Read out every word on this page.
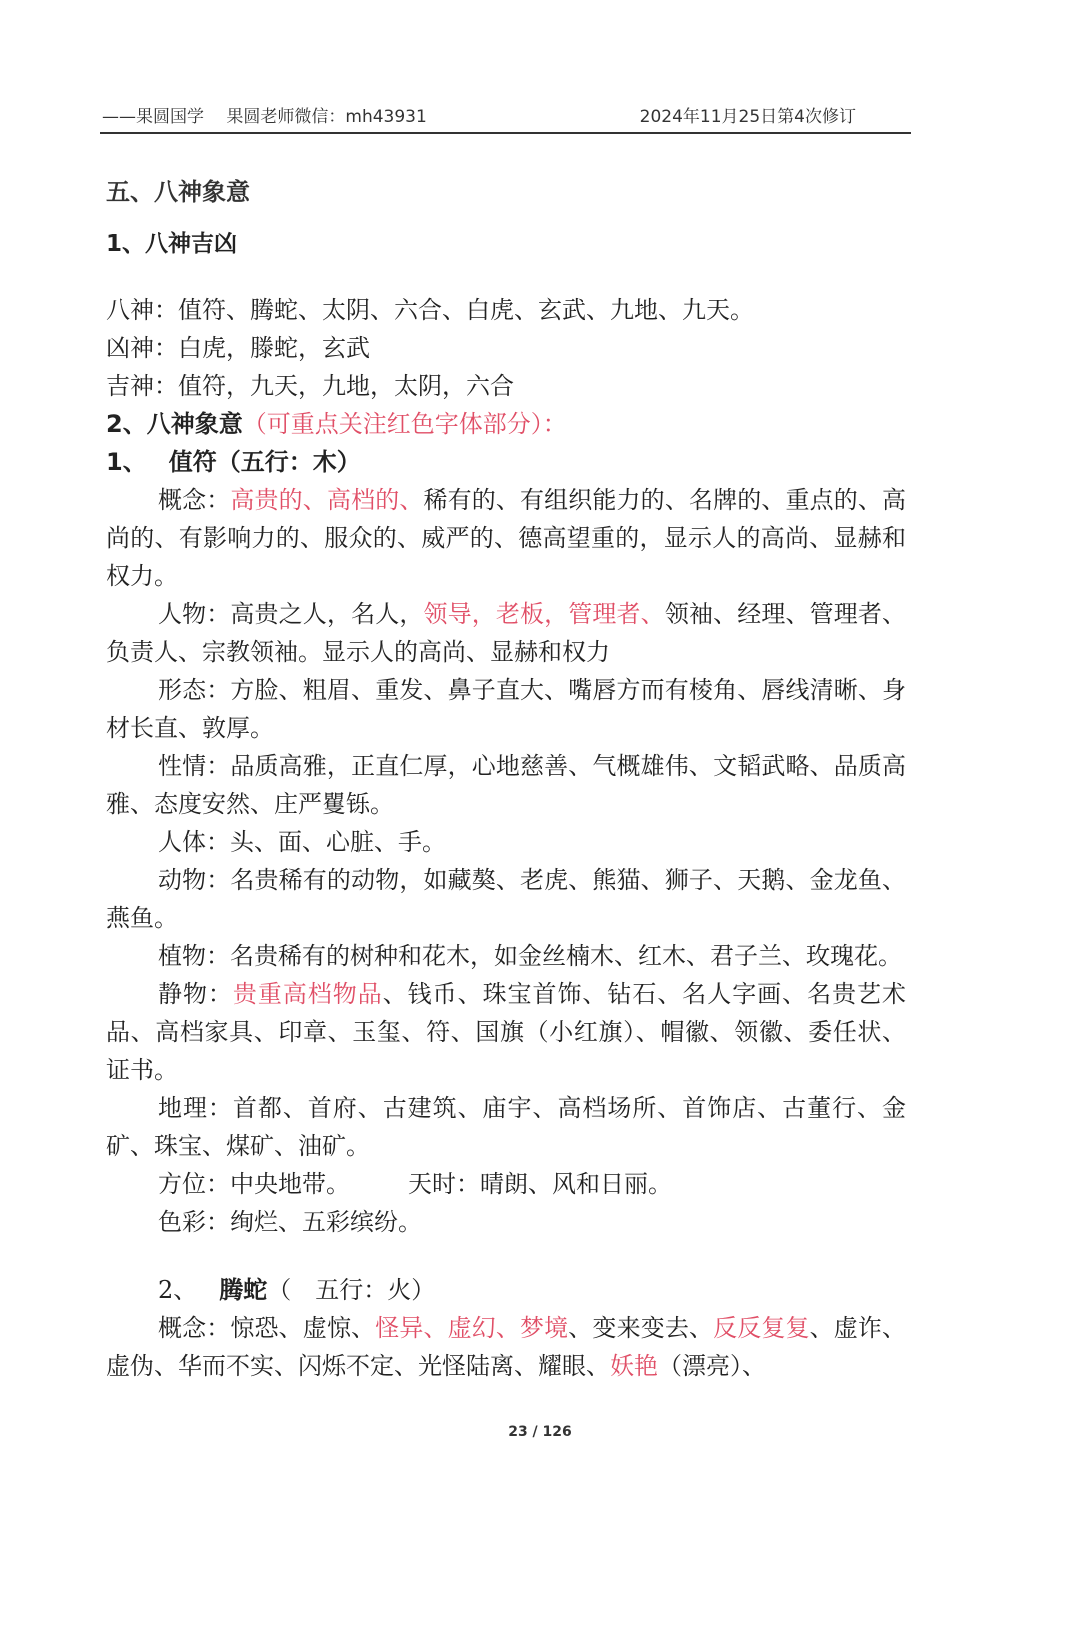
——果圆国学　 果圆老师微信：mh43931	2024年11月25日第4次修订
五、八神象意
1、八神吉凶
八神：值符、腾蛇、太阴、六合、白虎、玄武、九地、九天。
凶神：白虎，滕蛇，玄武
吉神：值符，九天，九地，太阴，六合
2、八神象意（可重点关注红色字体部分）：
1、 值符（五行：木）
概念：高贵的、高档的、稀有的、有组织能力的、名牌的、重点的、高尚的、有影响力的、服众的、威严的、德高望重的，显示人的高尚、显赫和权力。
人物：高贵之人，名人，领导，老板，管理者、领袖、经理、管理者、负责人、宗教领袖。显示人的高尚、显赫和权力
形态：方脸、粗眉、重发、鼻子直大、嘴唇方而有棱角、唇线清晰、身材长直、敦厚。
性情：品质高雅，正直仁厚，心地慈善、气概雄伟、文韬武略、品质高雅、态度安然、庄严矍铄。
人体：头、面、心脏、手。
动物：名贵稀有的动物，如藏獒、老虎、熊猫、狮子、天鹅、金龙鱼、燕鱼。
植物：名贵稀有的树种和花木，如金丝楠木、红木、君子兰、玫瑰花。
静物：贵重高档物品、钱币、珠宝首饰、钻石、名人字画、名贵艺术品、高档家具、印章、玉玺、符、国旗（小红旗）、帽徽、领徽、委任状、证书。
地理：首都、首府、古建筑、庙宇、高档场所、首饰店、古董行、金矿、珠宝、煤矿、油矿。
方位：中央地带。 天时：晴朗、风和日丽。
色彩：绚烂、五彩缤纷。
2、 腾蛇（　五行：火）
概念：惊恐、虚惊、怪异、虚幻、梦境、变来变去、反反复复、虚诈、虚伪、华而不实、闪烁不定、光怪陆离、耀眼、妖艳（漂亮）、
23 / 126
